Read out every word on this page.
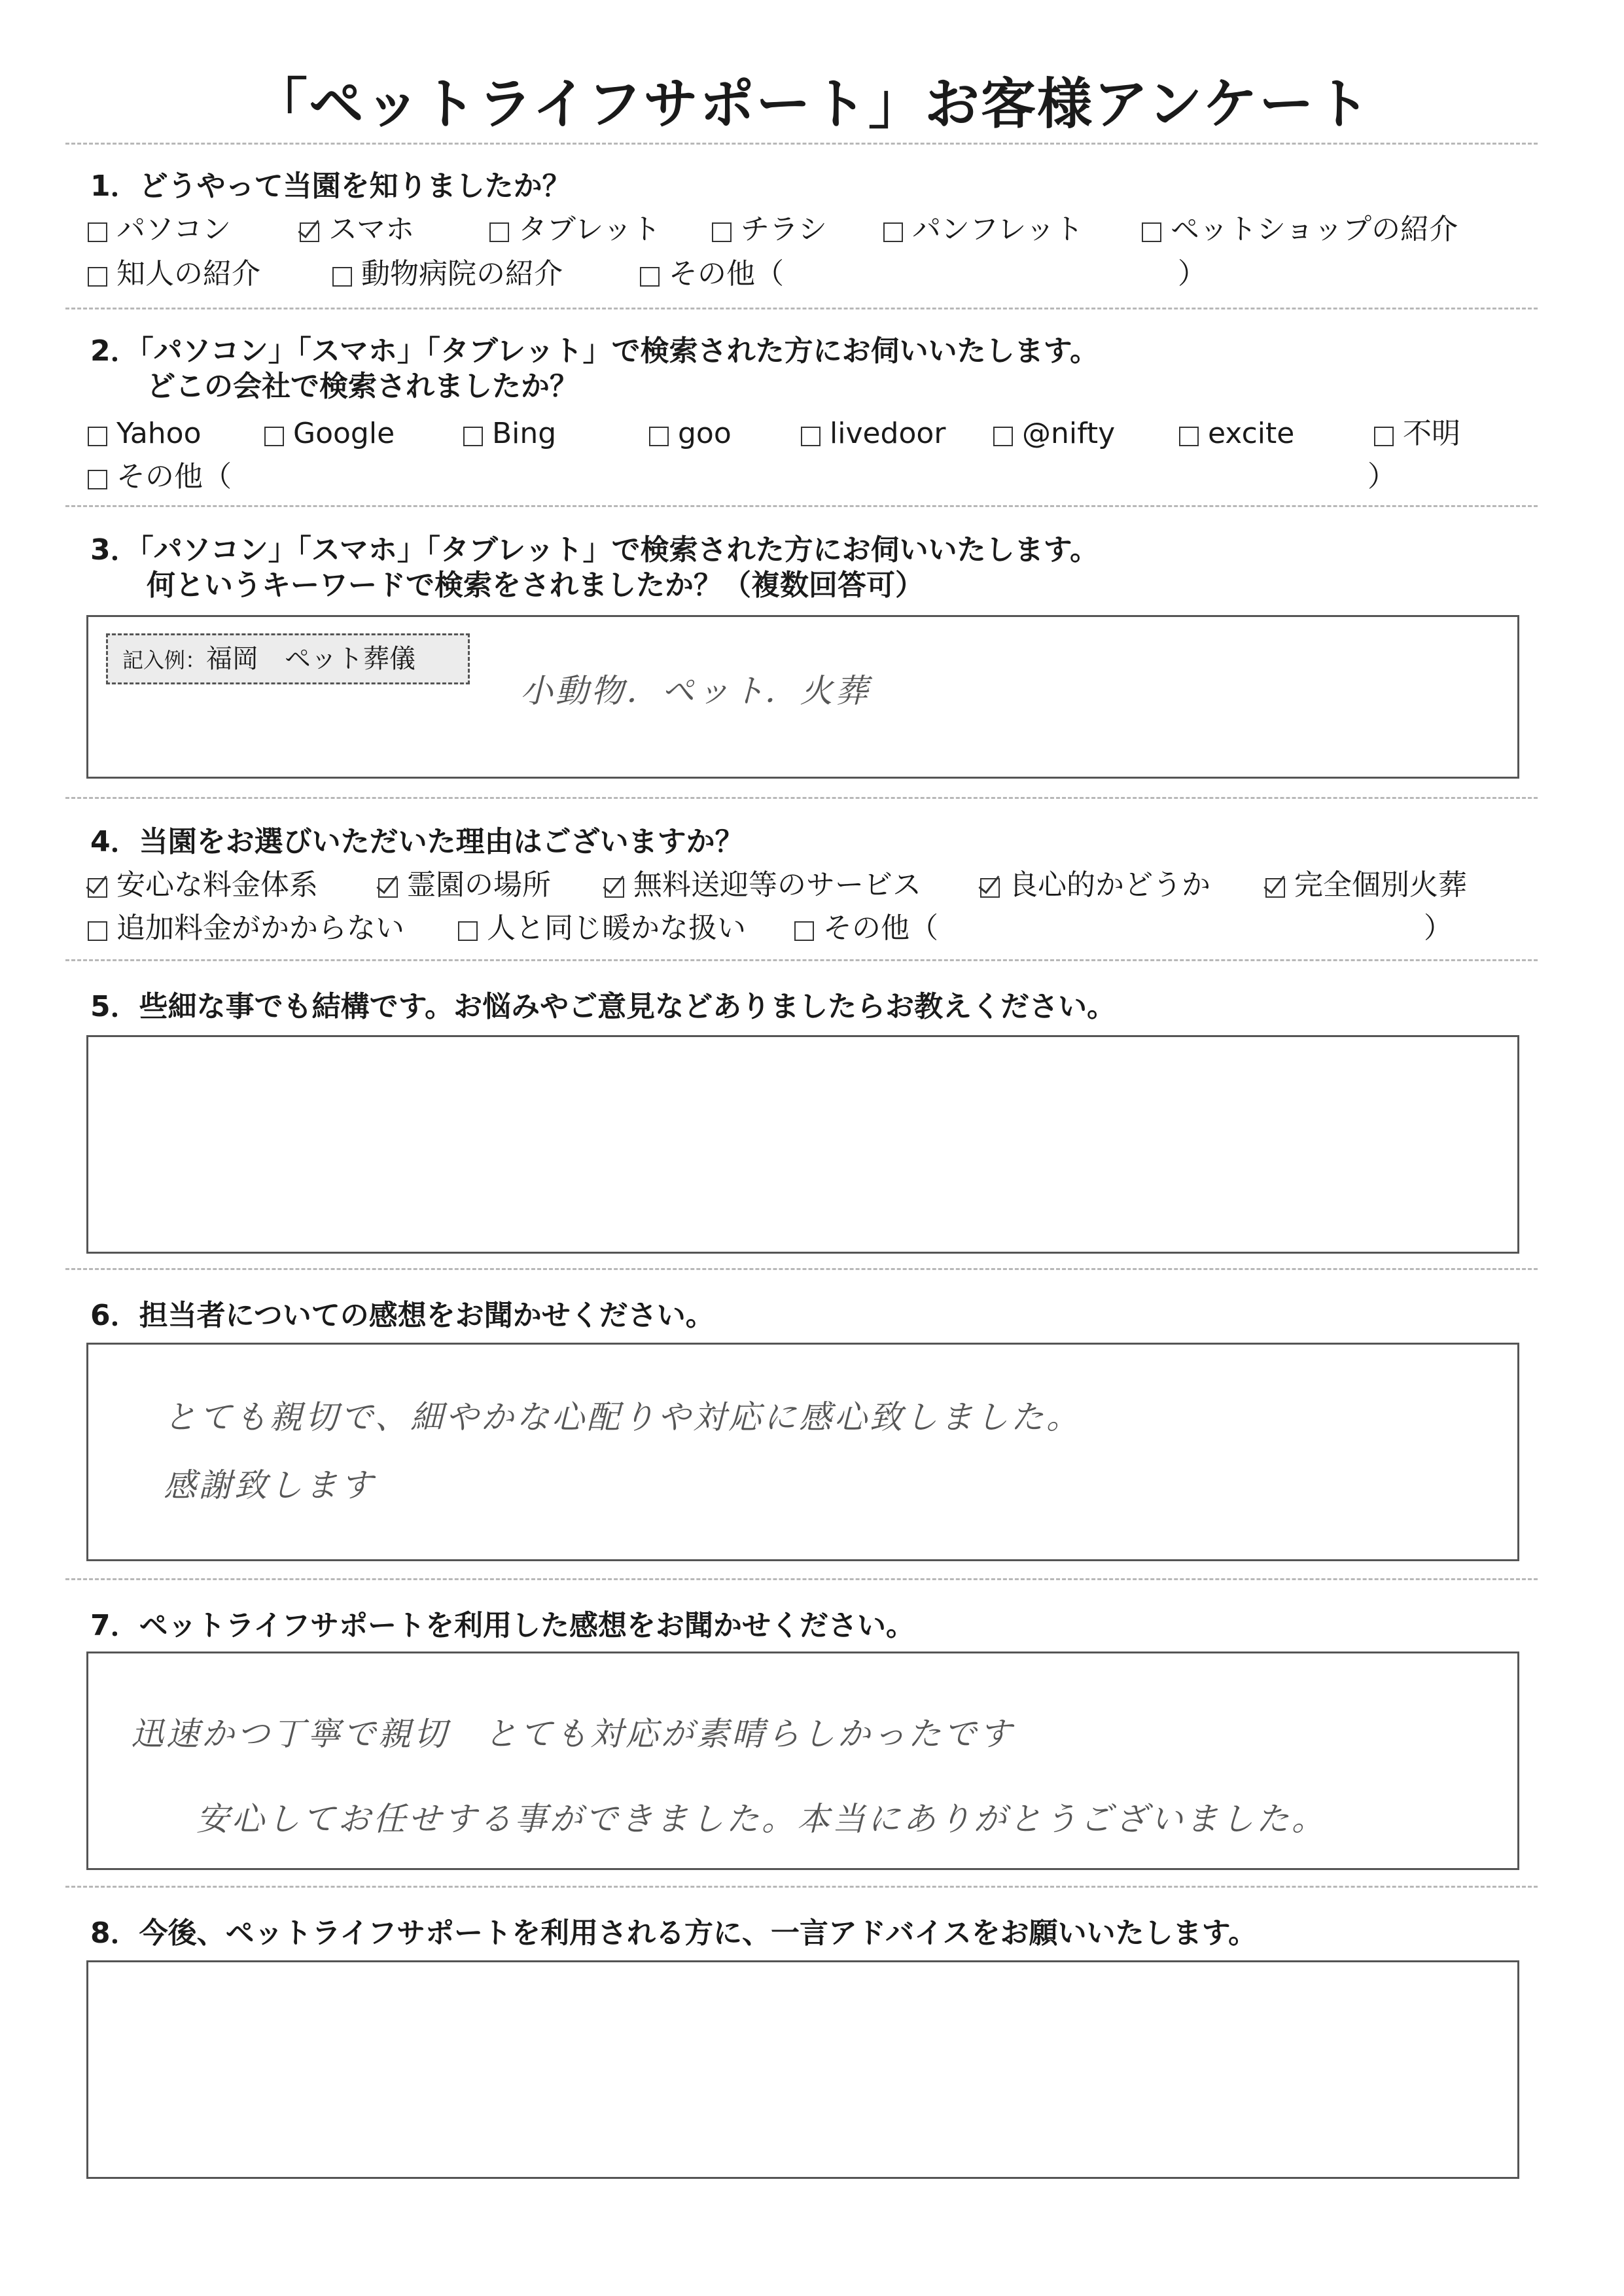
「ペットライフサポート」お客様アンケート
1．どうやって当園を知りましたか？
パソコン	スマホ	タブレット	チラシ	パンフレット	ペットショップの紹介
知人の紹介	動物病院の紹介	その他（	）
2．「パソコン」「スマホ」「タブレット」で検索された方にお伺いいたします。
どこの会社で検索されましたか？
Yahoo	Google	Bing	goo	livedoor	@nifty	excite	不明
その他（	）
3．「パソコン」「スマホ」「タブレット」で検索された方にお伺いいたします。
何というキーワードで検索をされましたか？（複数回答可）
記入例：福岡　ペット葬儀
小動物．ペット．火葬
4．当園をお選びいただいた理由はございますか？
安心な料金体系	霊園の場所	無料送迎等のサービス	良心的かどうか	完全個別火葬
追加料金がかからない	人と同じ暖かな扱い	その他（	）
5．些細な事でも結構です。お悩みやご意見などありましたらお教えください。
6．担当者についての感想をお聞かせください。
とても親切で、細やかな心配りや対応に感心致しました。
感謝致します
7．ペットライフサポートを利用した感想をお聞かせください。
迅速かつ丁寧で親切　とても対応が素晴らしかったです
安心してお任せする事ができました。本当にありがとうございました。
8．今後、ペットライフサポートを利用される方に、一言アドバイスをお願いいたします。
